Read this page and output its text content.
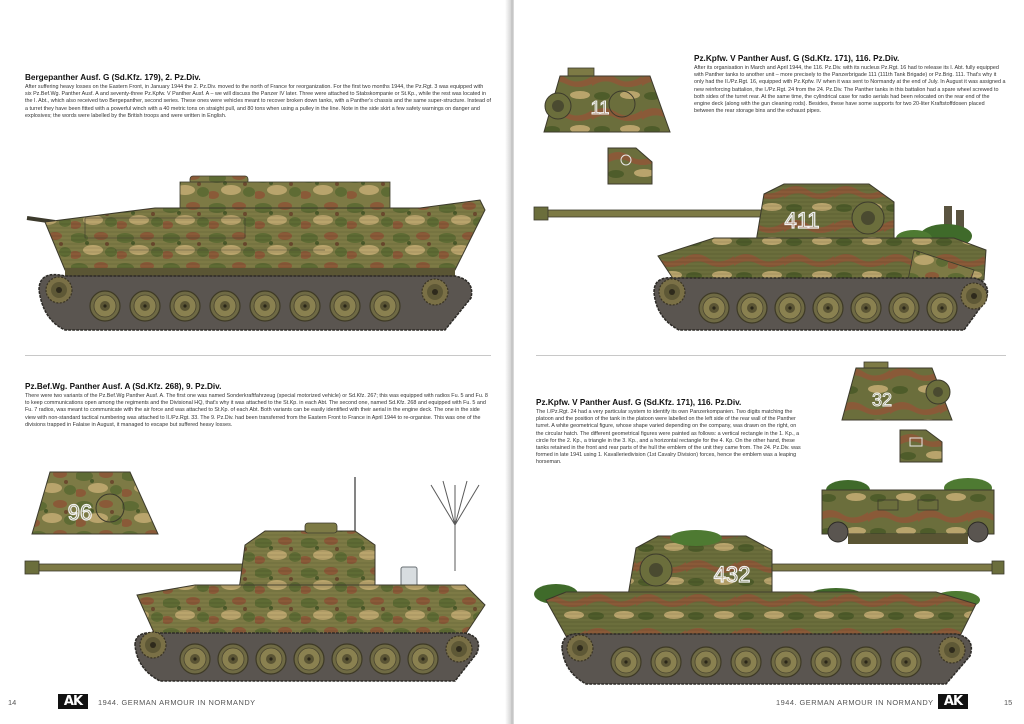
Bergepanther Ausf. G (Sd.Kfz. 179), 2. Pz.Div.

After suffering heavy losses on the Eastern Front, in January 1944 the 2. Pz.Div. moved to the north of France for reorganization. For the first two months 1944, the Pz.Rgt. 3 was equipped with six Pz.Bef.Wg. Panther Ausf. A and seventy-three Pz.Kpfw. V Panther Ausf. A – we will discuss the Panzer IV later. Three were attached to Stabskompanie or St.Kp., while the rest was located in the I. Abt., which also received two Bergepanther, second series. These ones were vehicles meant to recover broken down tanks, with a Panther's chassis and the same super-structure. Instead of a turret they have been fitted with a powerful winch with a 40 metric tons on straight pull, and 80 tons when using a pulley in the line. Note in the side skirt a few safety warnings on danger and explosives; the words were labelled by the British troops and were written in English.

Pz.Bef.Wg. Panther Ausf. A (Sd.Kfz. 268), 9. Pz.Div.

There were two variants of the Pz.Bef.Wg Panther Ausf. A. The first one was named Sonderkraftfahrzeug (special motorized vehicle) or Sd.Kfz. 267; this was equipped with radios Fu. 5 and Fu. 8 to keep communications open among the regiments and the Divisional HQ, that's why it was attached to the St.Kp. in each Abt. The second one, named Sd.Kfz. 268 and equipped with Fu. 5 and Fu. 7 radios, was meant to communicate with the air force and was attached to St.Kp. of each Abt. Both variants can be easily identified with their aerial in the engine deck. The one in the side view with non-standard tactical numbering was attached to II./Pz.Rgt. 33. The 9. Pz.Div. had been transferred from the Eastern Front to France in April 1944 to re-organise. This was one of the divisions trapped in Falaise in August, it managed to escape but suffered heavy losses.

96
14	AK	1944. GERMAN ARMOUR IN NORMANDY
11
Pz.Kpfw. V Panther Ausf. G (Sd.Kfz. 171), 116. Pz.Div.

After its organisation in March and April 1944, the 116. Pz.Div. with its nucleus Pz.Rgt. 16 had to release its I. Abt. fully equipped with Panther tanks to another unit – more precisely to the Panzerbrigade 111 (111th Tank Brigade) or Pz.Brig. 111. That's why it only had the II./Pz.Rgt. 16, equipped with Pz.Kpfw. IV when it was sent to Normandy at the end of July. In August it was assigned a new reinforcing battalion, the I./Pz.Rgt. 24 from the 24. Pz.Div. The Panther tanks in this battalion had a spare wheel screwed to both sides of the turret rear. At the same time, the cylindrical case for radio aerials had been relocated on the rear end of the engine deck (along with the gun cleaning rods). Besides, these have some supports for two 20-liter Kraftstoffdosen placed between the rear storage bins and the exhaust pipes.

411
Pz.Kpfw. V Panther Ausf. G (Sd.Kfz. 171), 116. Pz.Div.

The I./Pz.Rgt. 24 had a very particular system to identify its own Panzerkompanien. Two digits matching the platoon and the position of the tank in the platoon were labelled on the left side of the rear wall of the Panther turret. A white geometrical figure, whose shape varied depending on the company, was drawn on the right, on the circular hatch. The different geometrical figures were painted as follows: a vertical rectangle in the 1. Kp., a circle for the 2. Kp., a triangle in the 3. Kp., and a horizontal rectangle for the 4. Kp. On the other hand, these tanks retained in the front and rear parts of the hull the emblem of the unit they came from. The 24. Pz.Div. was formed in late 1941 using 1. Kavalleriedivision (1st Cavalry Division) forces, hence the emblem was a leaping horseman.

32
432
AK
1944. GERMAN ARMOUR IN NORMANDY	15
